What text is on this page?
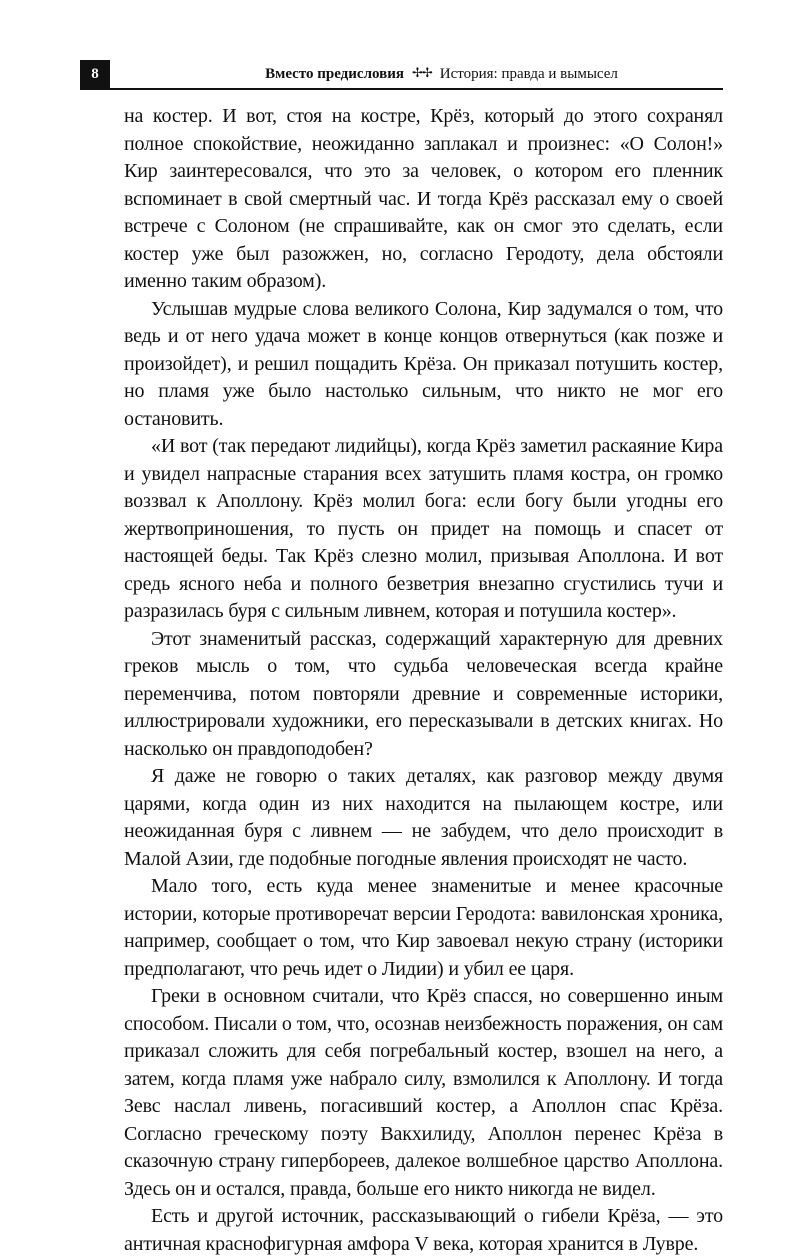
8	Вместо предисловия ✢✢ История: правда и вымысел

на костер. И вот, стоя на костре, Крёз, который до этого сохранял полное спокойствие, неожиданно заплакал и произнес: «О Солон!» Кир заинтересовался, что это за человек, о котором его пленник вспоминает в свой смертный час. И тогда Крёз рассказал ему о своей встрече с Солоном (не спрашивайте, как он смог это сделать, если костер уже был разожжен, но, согласно Геродоту, дела обстояли именно таким образом).

Услышав мудрые слова великого Солона, Кир задумался о том, что ведь и от него удача может в конце концов отвернуться (как позже и произойдет), и решил пощадить Крёза. Он приказал потушить костер, но пламя уже было настолько сильным, что никто не мог его остановить.

«И вот (так передают лидийцы), когда Крёз заметил раскаяние Кира и увидел напрасные старания всех затушить пламя костра, он громко воззвал к Аполлону. Крёз молил бога: если богу были угодны его жертвоприношения, то пусть он придет на помощь и спасет от настоящей беды. Так Крёз слезно молил, призывая Аполлона. И вот средь ясного неба и полного безветрия внезапно сгустились тучи и разразилась буря с сильным ливнем, которая и потушила костер».

Этот знаменитый рассказ, содержащий характерную для древних греков мысль о том, что судьба человеческая всегда крайне переменчива, потом повторяли древние и современные историки, иллюстрировали художники, его пересказывали в детских книгах. Но насколько он правдоподобен?

Я даже не говорю о таких деталях, как разговор между двумя царями, когда один из них находится на пылающем костре, или неожиданная буря с ливнем — не забудем, что дело происходит в Малой Азии, где подобные погодные явления происходят не часто.

Мало того, есть куда менее знаменитые и менее красочные истории, которые противоречат версии Геродота: вавилонская хроника, например, сообщает о том, что Кир завоевал некую страну (историки предполагают, что речь идет о Лидии) и убил ее царя.

Греки в основном считали, что Крёз спасся, но совершенно иным способом. Писали о том, что, осознав неизбежность поражения, он сам приказал сложить для себя погребальный костер, взошел на него, а затем, когда пламя уже набрало силу, взмолился к Аполлону. И тогда Зевс наслал ливень, погасивший костер, а Аполлон спас Крёза. Согласно греческому поэту Вакхилиду, Аполлон перенес Крёза в сказочную страну гипербореев, далекое волшебное царство Аполлона. Здесь он и остался, правда, больше его никто никогда не видел.

Есть и другой источник, рассказывающий о гибели Крёза, — это античная краснофигурная амфора V века, которая хранится в Лувре.
